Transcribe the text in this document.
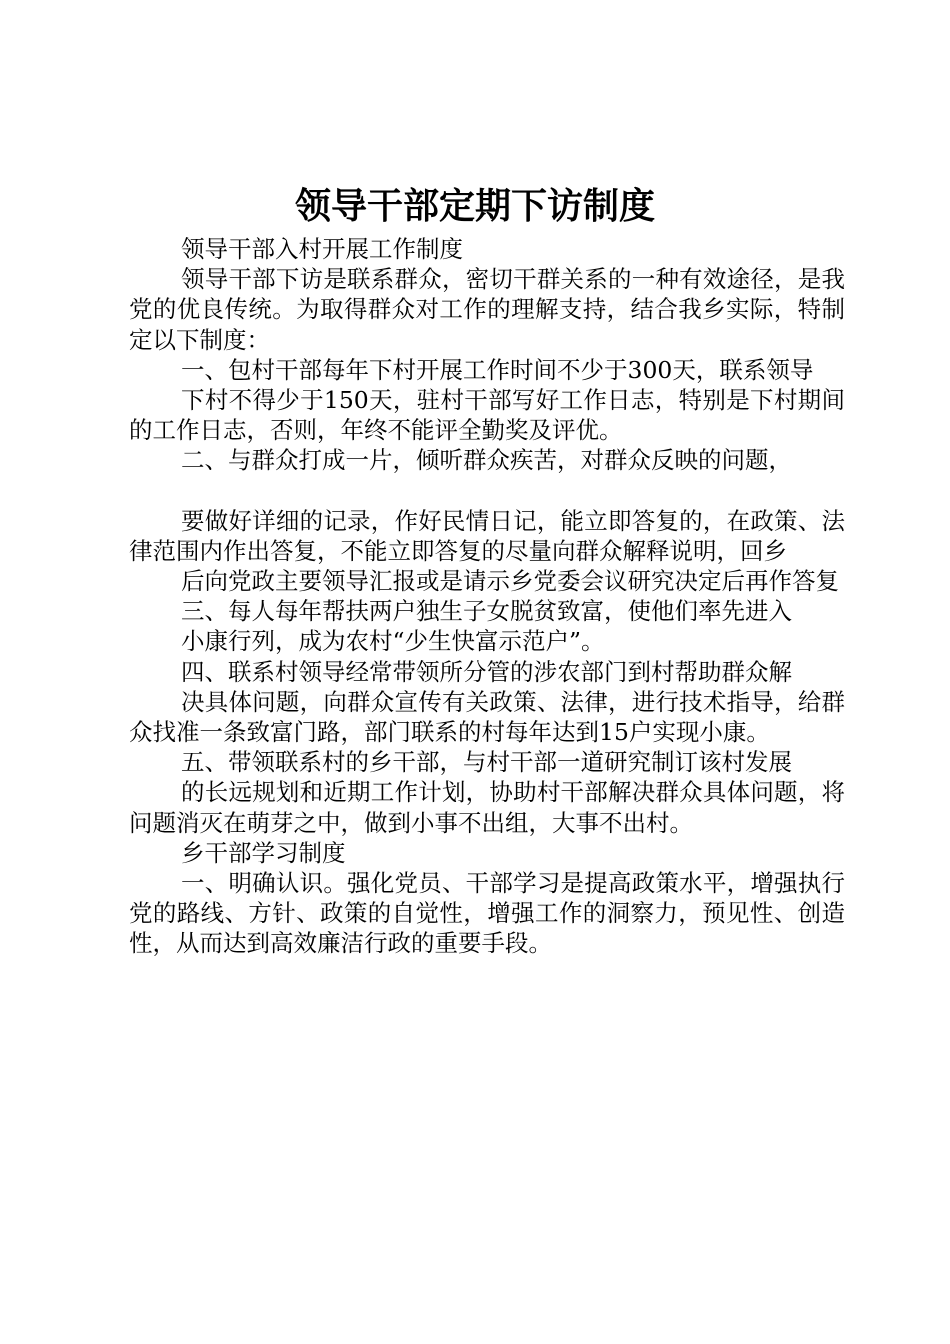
领导干部定期下访制度

领导干部入村开展工作制度

领导干部下访是联系群众，密切干群关系的一种有效途径，是我党的优良传统。为取得群众对工作的理解支持，结合我乡实际，特制定以下制度：

一、包村干部每年下村开展工作时间不少于300天，联系领导

下村不得少于150天，驻村干部写好工作日志，特别是下村期间的工作日志，否则，年终不能评全勤奖及评优。

二、与群众打成一片，倾听群众疾苦，对群众反映的问题，

要做好详细的记录，作好民情日记，能立即答复的，在政策、法律范围内作出答复，不能立即答复的尽量向群众解释说明，回乡

后向党政主要领导汇报或是请示乡党委会议研究决定后再作答复

三、每人每年帮扶两户独生子女脱贫致富，使他们率先进入

小康行列，成为农村“少生快富示范户”。

四、联系村领导经常带领所分管的涉农部门到村帮助群众解

决具体问题，向群众宣传有关政策、法律，进行技术指导，给群众找准一条致富门路，部门联系的村每年达到15户实现小康。

五、带领联系村的乡干部，与村干部一道研究制订该村发展

的长远规划和近期工作计划，协助村干部解决群众具体问题，将问题消灭在萌芽之中，做到小事不出组，大事不出村。

乡干部学习制度

一、明确认识。强化党员、干部学习是提高政策水平，增强执行党的路线、方针、政策的自觉性，增强工作的洞察力，预见性、创造性，从而达到高效廉洁行政的重要手段。
